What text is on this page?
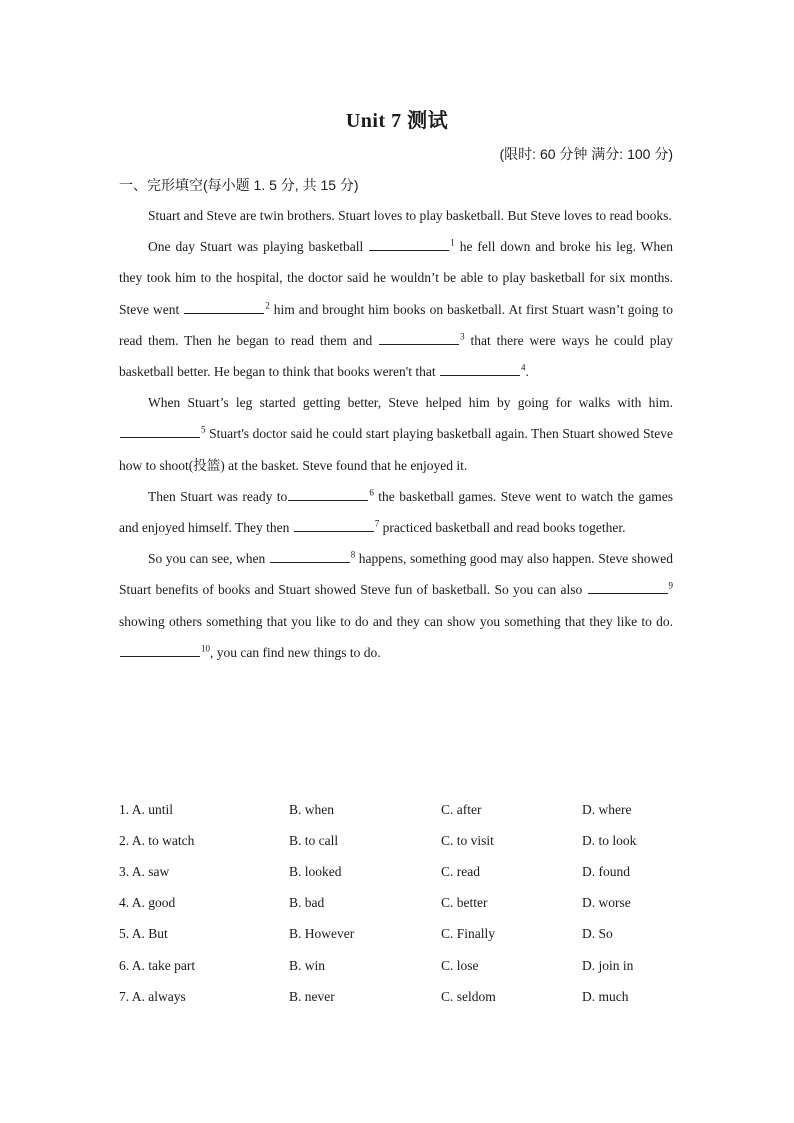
Unit 7 测试
(限时: 60 分钟 满分: 100 分)
一、完形填空(每小题 1. 5 分, 共 15 分)

Stuart and Steve are twin brothers. Stuart loves to play basketball. But Steve loves to read books.

One day Stuart was playing basketball	$^1$ he fell down and broke his leg. When they took him to the hospital, the doctor said he wouldn’t be able to play basketball for six months. Steve went	$^2$ him and brought him books on basketball. At first Stuart wasn’t going to read them. Then he began to read them and	$^3$ that there were ways he could play basketball better. He began to think that books weren't that	$^4$.

When Stuart’s leg started getting better, Steve helped him by going for walks with him. $^5$ Stuart's doctor said he could start playing basketball again. Then Stuart showed Steve how to shoot(投篮) at the basket. Steve found that he enjoyed it.

Then Stuart was ready to	$^6$ the basketball games. Steve went to watch the games and enjoyed himself. They then	$^7$ practiced basketball and read books together.

So you can see, when	$^8$ happens, something good may also happen. Steve showed Stuart benefits of books and Stuart showed Steve fun of basketball. So you can also	$^9$ showing others something that you like to do and they can show you something that they like to do. $^{10}$, you can find new things to do.

1. A. until	B. when	C. after	D. where
2. A. to watch	B. to call	C. to visit	D. to look
3. A. saw	B. looked	C. read	D. found
4. A. good	B. bad	C. better	D. worse
5. A. But	B. However	C. Finally	D. So
6. A. take part	B. win	C. lose	D. join in
7. A. always	B. never	C. seldom	D. much
